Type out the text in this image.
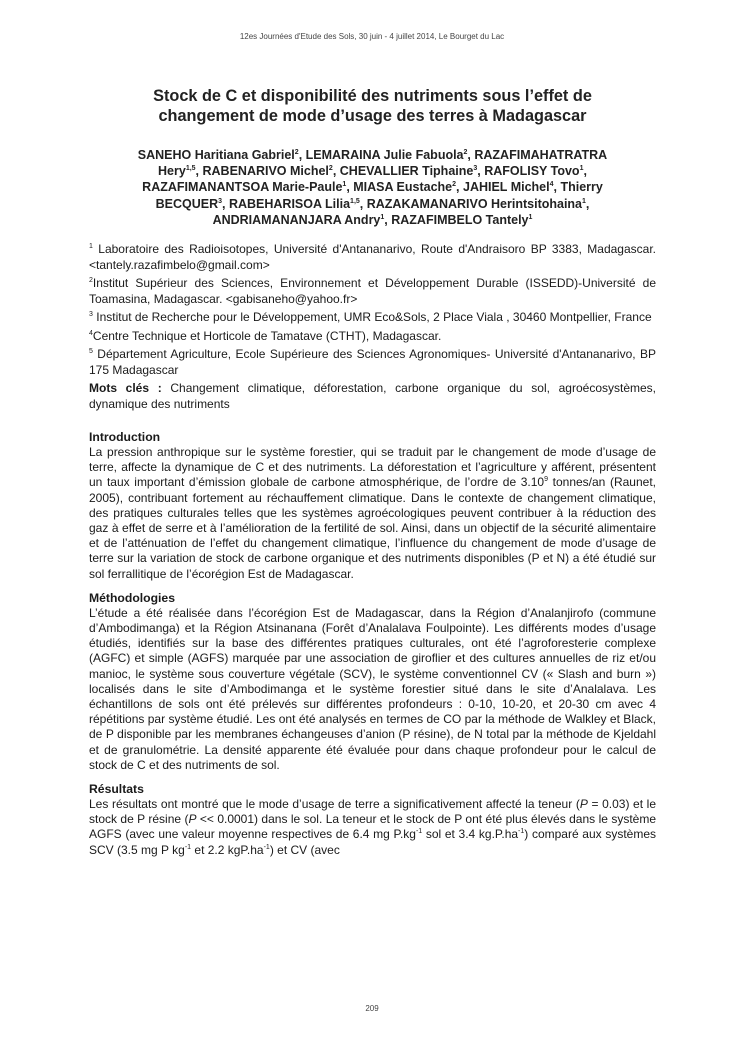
12es Journées d'Etude des Sols, 30 juin - 4 juillet 2014, Le Bourget du Lac
Stock de C et disponibilité des nutriments sous l’effet de
changement de mode d’usage des terres à Madagascar
SANEHO Haritiana Gabriel$^2$, LEMARAINA Julie Fabuola$^2$, RAZAFIMAHATRATRA
Hery$^{1,5}$, RABENARIVO Michel$^2$, CHEVALLIER Tiphaine$^3$, RAFOLISY Tovo$^1$,
RAZAFIMANANTSOA Marie-Paule$^1$, MIASA Eustache$^2$, JAHIEL Michel$^4$, Thierry
BECQUER$^3$, RABEHARISOA Lilia$^{1,5}$, RAZAKAMANARIVO Herintsitohaina$^1$,
ANDRIAMANANJARA Andry$^1$, RAZAFIMBELO Tantely$^1$
$^1$ Laboratoire des Radioisotopes, Université d'Antananarivo, Route d'Andraisoro BP 3383, Madagascar. <tantely.razafimbelo@gmail.com>
$^2$Institut Supérieur des Sciences, Environnement et Développement Durable (ISSEDD)-Université de Toamasina, Madagascar. <gabisaneho@yahoo.fr>
$^3$ Institut de Recherche pour le Développement, UMR Eco&Sols, 2 Place Viala , 30460 Montpellier, France
$^4$Centre Technique et Horticole de Tamatave (CTHT), Madagascar.
$^5$ Département Agriculture, Ecole Supérieure des Sciences Agronomiques- Université d'Antananarivo, BP 175 Madagascar
Mots clés : Changement climatique, déforestation, carbone organique du sol, agroécosystèmes, dynamique des nutriments
Introduction
La pression anthropique sur le système forestier, qui se traduit par le changement de mode d’usage de terre, affecte la dynamique de C et des nutriments. La déforestation et l’agriculture y afférent, présentent un taux important d’émission globale de carbone atmosphérique, de l’ordre de 3.10$^9$ tonnes/an (Raunet, 2005), contribuant fortement au réchauffement climatique. Dans le contexte de changement climatique, des pratiques culturales telles que les systèmes agroécologiques peuvent contribuer à la réduction des gaz à effet de serre et à l’amélioration de la fertilité de sol. Ainsi, dans un objectif de la sécurité alimentaire et de l’atténuation de l’effet du changement climatique, l’influence du changement de mode d’usage de terre sur la variation de stock de carbone organique et des nutriments disponibles (P et N) a été étudié sur sol ferrallitique de l’écorégion Est de Madagascar.
Méthodologies
L’étude a été réalisée dans l’écorégion Est de Madagascar, dans la Région d’Analanjirofo (commune d’Ambodimanga) et la Région Atsinanana (Forêt d’Analalava Foulpointe). Les différents modes d’usage étudiés, identifiés sur la base des différentes pratiques culturales, ont été l’agroforesterie complexe (AGFC) et simple (AGFS) marquée par une association de giroflier et des cultures annuelles de riz et/ou manioc, le système sous couverture végétale (SCV), le système conventionnel CV (« Slash and burn ») localisés dans le site d’Ambodimanga et le système forestier situé dans le site d’Analalava. Les échantillons de sols ont été prélevés sur différentes profondeurs : 0-10, 10-20, et 20-30 cm avec 4 répétitions par système étudié. Les ont été analysés en termes de CO par la méthode de Walkley et Black, de P disponible par les membranes échangeuses d’anion (P résine), de N total par la méthode de Kjeldahl et de granulométrie. La densité apparente été évaluée pour dans chaque profondeur pour le calcul de stock de C et des nutriments de sol.
Résultats
Les résultats ont montré que le mode d’usage de terre a significativement affecté la teneur (P = 0.03) et le stock de P résine (P << 0.0001) dans le sol. La teneur et le stock de P ont été plus élevés dans le système AGFS (avec une valeur moyenne respectives de 6.4 mg $P.kg^{-1}$ sol et 3.4 $kg.P.ha^{-1}$) comparé aux systèmes SCV (3.5 mg P $kg^{-1}$ et 2.2 $kgP.ha^{-1}$) et CV (avec
209
